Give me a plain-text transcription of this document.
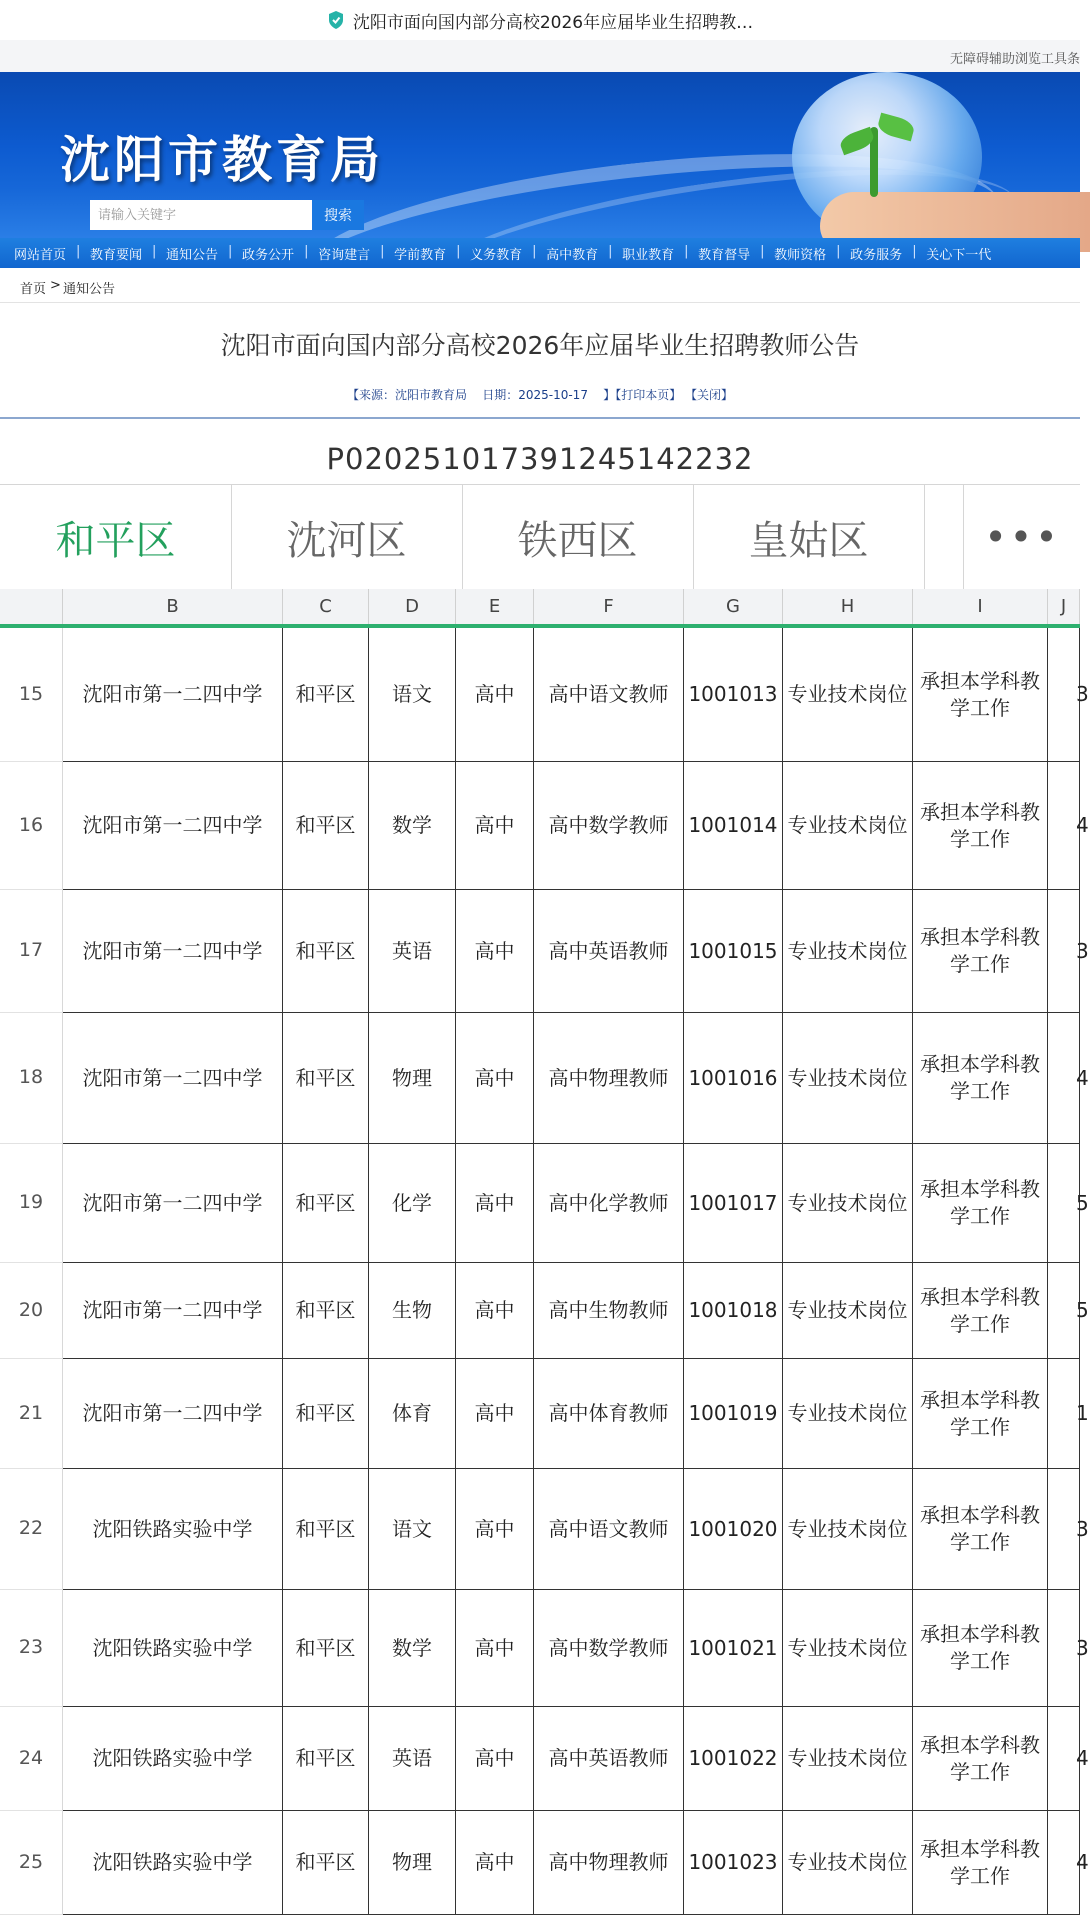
沈阳市面向国内部分高校2026年应届毕业生招聘教…
无障碍辅助浏览工具条
沈阳市教育局
请输入关键字
搜索
网站首页	| 教育要闻	| 通知公告	| 政务公开	| 咨询建言	| 学前教育	| 义务教育	| 高中教育	| 职业教育	| 教育督导	| 教师资格	| 政务服务	| 关心下一代
首页 > 通知公告
沈阳市面向国内部分高校2026年应届毕业生招聘教师公告
【来源：沈阳市教育局    日期：2025-10-17    】【打印本页】 【关闭】
P020251017391245142232
和平区	沈河区	铁西区	皇姑区	•••
B	C	D	E	F	G	H	I	J
15	沈阳市第一二四中学	和平区	语文	高中	高中语文教师 1001013 专业技术岗位
承担本学科教学工作
3
16	沈阳市第一二四中学	和平区	数学	高中	高中数学教师 1001014 专业技术岗位
承担本学科教学工作
4
17	沈阳市第一二四中学	和平区	英语	高中	高中英语教师 1001015 专业技术岗位
承担本学科教学工作
3
18	沈阳市第一二四中学	和平区	物理	高中	高中物理教师 1001016 专业技术岗位
承担本学科教学工作
4
19	沈阳市第一二四中学	和平区	化学	高中	高中化学教师 1001017 专业技术岗位
承担本学科教学工作
5
20	沈阳市第一二四中学	和平区	生物	高中	高中生物教师 1001018 专业技术岗位
承担本学科教学工作
5
21	沈阳市第一二四中学	和平区	体育	高中	高中体育教师 1001019 专业技术岗位
承担本学科教学工作
1
22	沈阳铁路实验中学	和平区	语文	高中	高中语文教师 1001020 专业技术岗位
承担本学科教学工作
3
23	沈阳铁路实验中学	和平区	数学	高中	高中数学教师 1001021 专业技术岗位
承担本学科教学工作
3
24	沈阳铁路实验中学	和平区	英语	高中	高中英语教师 1001022 专业技术岗位
承担本学科教学工作
4
25	沈阳铁路实验中学	和平区	物理	高中	高中物理教师 1001023 专业技术岗位
承担本学科教学工作
4
